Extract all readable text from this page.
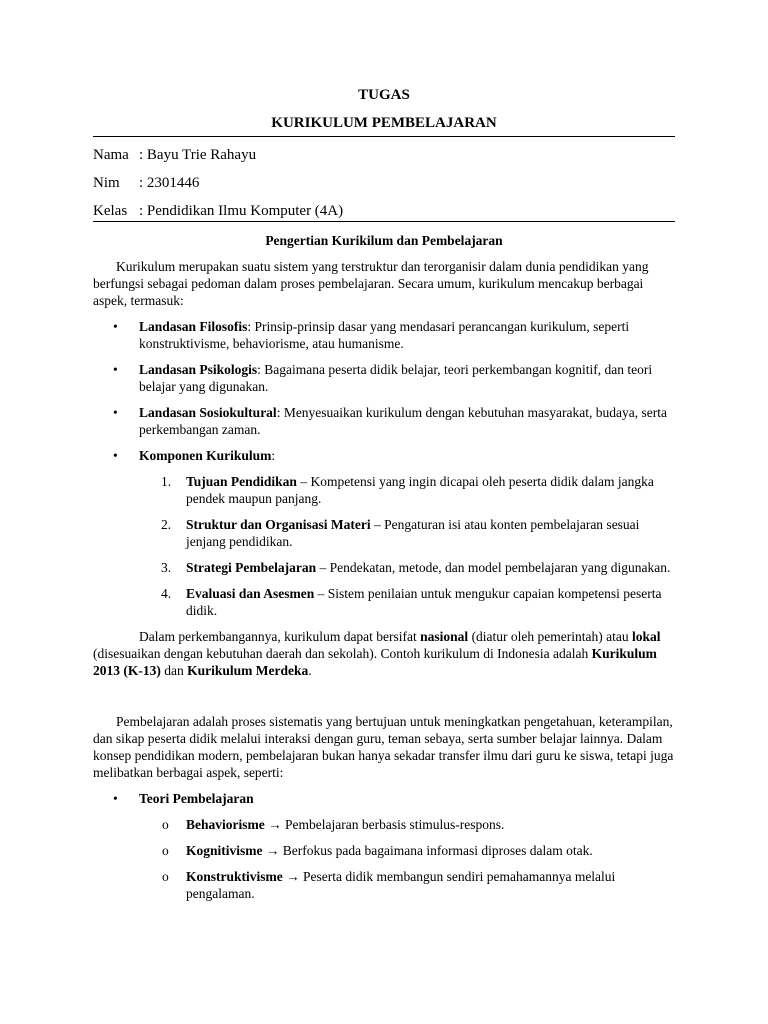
TUGAS

KURIKULUM PEMBELAJARAN

Nama : Bayu Trie Rahayu
Nim : 2301446
Kelas : Pendidikan Ilmu Komputer (4A)

Pengertian Kurikilum dan Pembelajaran

Kurikulum merupakan suatu sistem yang terstruktur dan terorganisir dalam dunia pendidikan yang berfungsi sebagai pedoman dalam proses pembelajaran. Secara umum, kurikulum mencakup berbagai aspek, termasuk:

• Landasan Filosofis: Prinsip-prinsip dasar yang mendasari perancangan kurikulum, seperti konstruktivisme, behaviorisme, atau humanisme.
• Landasan Psikologis: Bagaimana peserta didik belajar, teori perkembangan kognitif, dan teori belajar yang digunakan.
• Landasan Sosiokultural: Menyesuaikan kurikulum dengan kebutuhan masyarakat, budaya, serta perkembangan zaman.
• Komponen Kurikulum:
1. Tujuan Pendidikan – Kompetensi yang ingin dicapai oleh peserta didik dalam jangka pendek maupun panjang.
2. Struktur dan Organisasi Materi – Pengaturan isi atau konten pembelajaran sesuai jenjang pendidikan.
3. Strategi Pembelajaran – Pendekatan, metode, dan model pembelajaran yang digunakan.
4. Evaluasi dan Asesmen – Sistem penilaian untuk mengukur capaian kompetensi peserta didik.

Dalam perkembangannya, kurikulum dapat bersifat nasional (diatur oleh pemerintah) atau lokal (disesuaikan dengan kebutuhan daerah dan sekolah). Contoh kurikulum di Indonesia adalah Kurikulum 2013 (K-13) dan Kurikulum Merdeka.

Pembelajaran adalah proses sistematis yang bertujuan untuk meningkatkan pengetahuan, keterampilan, dan sikap peserta didik melalui interaksi dengan guru, teman sebaya, serta sumber belajar lainnya. Dalam konsep pendidikan modern, pembelajaran bukan hanya sekadar transfer ilmu dari guru ke siswa, tetapi juga melibatkan berbagai aspek, seperti:

• Teori Pembelajaran
o Behaviorisme → Pembelajaran berbasis stimulus-respons.
o Kognitivisme → Berfokus pada bagaimana informasi diproses dalam otak.
o Konstruktivisme → Peserta didik membangun sendiri pemahamannya melalui pengalaman.
